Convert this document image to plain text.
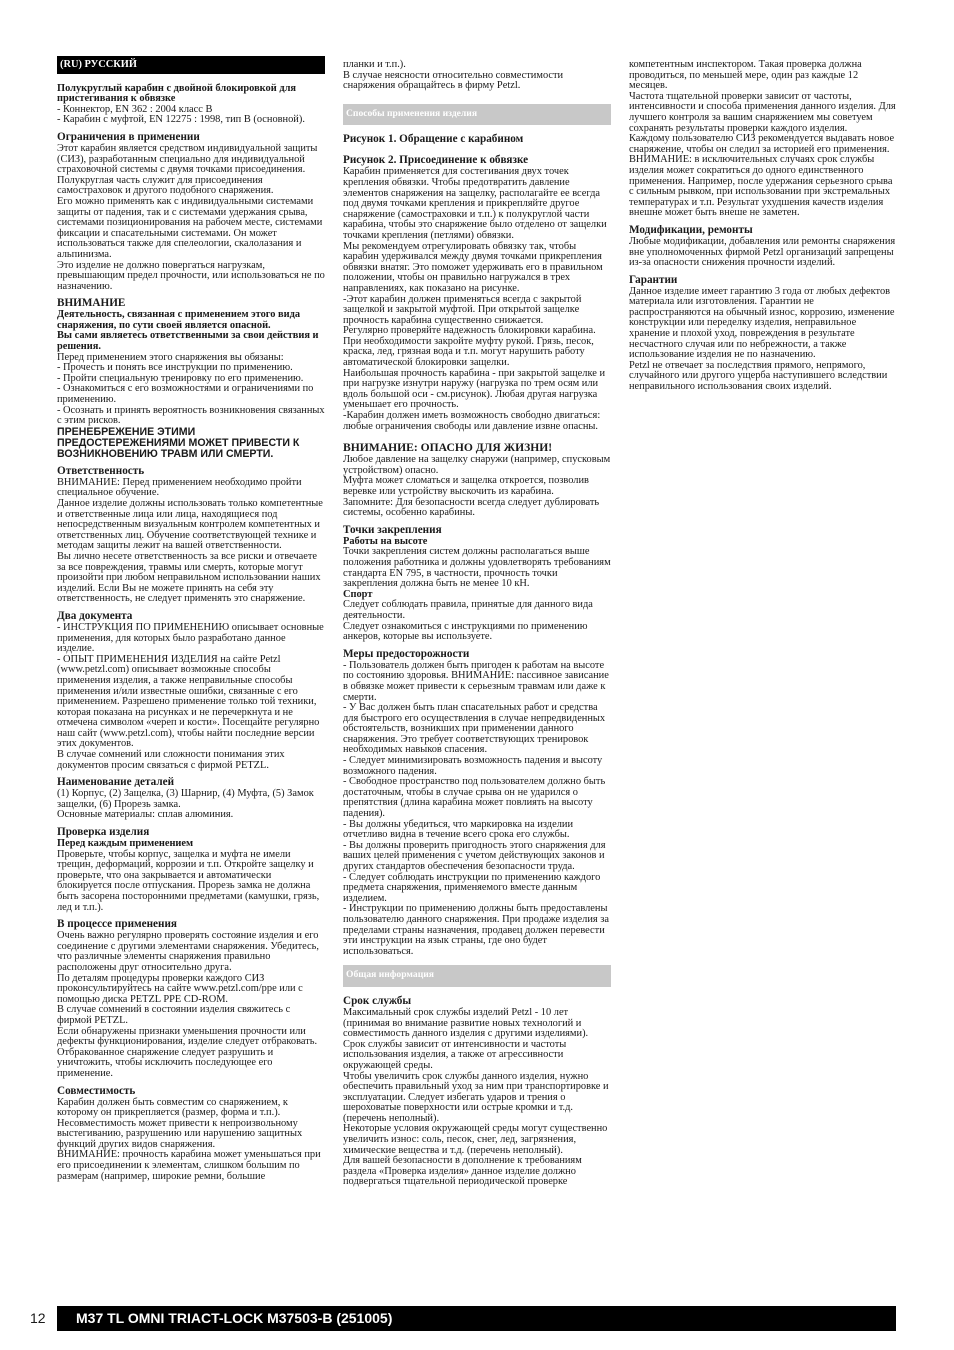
(RU) РУССКИЙ

Полукруглый карабин с двойной блокировкой для пристегивания к обвязке

- Коннектор, EN 362 : 2004 класс В
- Карабин с муфтой, EN 12275 : 1998, тип В (основной).

Ограничения в применении

Этот карабин является средством индивидуальной защиты (СИЗ), разработанным специально для индивидуальной страховочной системы с двумя точками присоединения. Полукруглая часть служит для присоединения самостраховок и другого подобного снаряжения.
Его можно применять как с индивидуальными системами защиты от падения, так и с системами удержания срыва, системами позиционирования на рабочем месте, системами фиксации и спасательными системами. Он может использоваться также для спелеологии, скалолазания и альпинизма.
Это изделие не должно повергаться нагрузкам, превышающим предел прочности, или использоваться не по назначению.

ВНИМАНИЕ

Деятельность, связанная с применением этого вида снаряжения, по сути своей является опасной.
Вы сами являетесь ответственными за свои действия и решения.

Перед применением этого снаряжения вы обязаны:
- Прочесть и понять все инструкции по применению.
- Пройти специальную тренировку по его применению.
- Ознакомиться с его возможностями и ограничениями по применению.
- Осознать и принять вероятность возникновения связанных с этим рисков.

ПРЕНЕБРЕЖЕНИЕ ЭТИМИ ПРЕДОСТЕРЕЖЕНИЯМИ МОЖЕТ ПРИВЕСТИ К ВОЗНИКНОВЕНИЮ ТРАВМ ИЛИ СМЕРТИ.

Ответственность

ВНИМАНИЕ: Перед применением необходимо пройти специальное обучение.
Данное изделие должны использовать только компетентные и ответственные лица или лица, находящиеся под непосредственным визуальным контролем компетентных и ответственных лиц. Обучение соответствующей технике и методам защиты лежит на вашей ответственности.
Вы лично несете ответственность за все риски и отвечаете за все повреждения, травмы или смерть, которые могут произойти при любом неправильном использовании наших изделий. Если Вы не можете принять на себя эту ответственность, не следует применять это снаряжение.

Два документа

- ИНСТРУКЦИЯ ПО ПРИМЕНЕНИЮ описывает основные применения, для которых было разработано данное изделие.
- ОПЫТ ПРИМЕНЕНИЯ ИЗДЕЛИЯ на сайте Petzl (www.petzl.com) описывает возможные способы применения изделия, а также неправильные способы применения и/или известные ошибки, связанные с его применением. Разрешено применение только той техники, которая показана на рисунках и не перечеркнута и не отмечена символом «череп и кости». Посещайте регулярно наш сайт (www.petzl.com), чтобы найти последние версии этих документов.
В случае сомнений или сложности понимания этих документов просим связаться с фирмой PETZL.

Наименование деталей

(1) Корпус, (2) Защелка, (3) Шарнир, (4) Муфта, (5) Замок защелки, (6) Прорезь замка.
Основные материалы: сплав алюминия.

Проверка изделия

Перед каждым применением

Проверьте, чтобы корпус, защелка и муфта не имели трещин, деформаций, коррозии и т.п. Откройте защелку и проверьте, что она закрывается и автоматически блокируется после отпускания. Прорезь замка не должна быть засорена посторонними предметами (камушки, грязь, лед и т.п.).

В процессе применения

Очень важно регулярно проверять состояние изделия и его соединение с другими элементами снаряжения. Убедитесь, что различные элементы снаряжения правильно расположены друг относительно друга.
По деталям процедуры проверки каждого СИЗ проконсультируйтесь на сайте www.petzl.com/ppe или с помощью диска PETZL PPE CD-ROM.
В случае сомнений в состоянии изделия свяжитесь с фирмой PETZL.
Если обнаружены признаки уменьшения прочности или дефекты функционирования, изделие следует отбраковать. Отбракованное снаряжение следует разрушить и уничтожить, чтобы исключить последующее его применение.

Совместимость

Карабин должен быть совместим со снаряжением, к которому он прикрепляется (размер, форма и т.п.). Несовместимость может привести к непроизвольному выстегиванию, разрушению или нарушению защитных функций других видов снаряжения.
ВНИМАНИЕ: прочность карабина может уменьшаться при его присоединении к элементам, слишком большим по размерам (например, широкие ремни, большие

планки и т.п.).
В случае неясности относительно совместимости снаряжения обращайтесь в фирму Petzl.

Способы применения изделия

Рисунок 1. Обращение с карабином

Рисунок 2. Присоединение к обвязке

Карабин применяется для состегивания двух точек крепления обвязки. Чтобы предотвратить давление элементов снаряжения на защелку, располагайте ее всегда под двумя точками крепления и прикрепляйте другое снаряжение (самостраховки и т.п.) к полукруглой части карабина, чтобы это снаряжение было отделено от защелки точками крепления (петлями) обвязки.
Мы рекомендуем отрегулировать обвязку так, чтобы карабин удерживался между двумя точками прикрепления обвязки внатяг. Это поможет удерживать его в правильном положении, чтобы он правильно нагружался в трех направлениях, как показано на рисунке.
-Этот карабин должен применяться всегда с закрытой защелкой и закрытой муфтой. При открытой защелке прочность карабина существенно снижается.
Регулярно проверяйте надежность блокировки карабина. При необходимости закройте муфту рукой. Грязь, песок, краска, лед, грязная вода и т.п. могут нарушить работу автоматической блокировки защелки.
Наибольшая прочность карабина - при закрытой защелке и при нагрузке изнутри наружу (нагрузка по трем осям или вдоль большой оси - см.рисунок). Любая другая нагрузка уменьшает его прочность.
-Карабин должен иметь возможность свободно двигаться: любые ограничения свободы или давление извне опасны.

ВНИМАНИЕ: ОПАСНО ДЛЯ ЖИЗНИ!

Любое давление на защелку снаружи (например, спусковым устройством) опасно.
Муфта может сломаться и защелка откроется, позволив веревке или устройству выскочить из карабина.
Запомните: Для безопасности всегда следует дублировать системы, особенно карабины.

Точки закрепления

Работы на высоте

Точки закрепления систем должны располагаться выше положения работника и должны удовлетворять требованиям стандарта EN 795, в частности, прочность точки закрепления должна быть не менее 10 кН.

Спорт

Следует соблюдать правила, принятые для данного вида деятельности.
Следует ознакомиться с инструкциями по применению анкеров, которые вы используете.

Меры предосторожности

- Пользователь должен быть пригоден к работам на высоте по состоянию здоровья. ВНИМАНИЕ: пассивное зависание в обвязке может привести к серьезным травмам или даже к смерти.
- У Вас должен быть план спасательных работ и средства для быстрого его осуществления в случае непредвиденных обстоятельств, возникших при применении данного снаряжения. Это требует соответствующих тренировок необходимых навыков спасения.
- Следует минимизировать возможность падения и высоту возможного падения.
- Свободное пространство под пользователем должно быть достаточным, чтобы в случае срыва он не ударился о препятствия (длина карабина может повлиять на высоту падения).
- Вы должны убедиться, что маркировка на изделии отчетливо видна в течение всего срока его службы.
- Вы должны проверить пригодность этого снаряжения для ваших целей применения с учетом действующих законов и других стандартов обеспечения безопасности труда.
- Следует соблюдать инструкции по применению каждого предмета снаряжения, применяемого вместе данным изделием.
- Инструкции по применению должны быть предоставлены пользователю данного снаряжения. При продаже изделия за пределами страны назначения, продавец должен перевести эти инструкции на язык страны, где оно будет использоваться.

Общая информация

Срок службы

Максимальный срок службы изделий Petzl - 10 лет (принимая во внимание развитие новых технологий и совместимость данного изделия с другими изделиями).
Срок службы зависит от интенсивности и частоты использования изделия, а также от агрессивности окружающей среды.
Чтобы увеличить срок службы данного изделия, нужно обеспечить правильный уход за ним при транспортировке и эксплуатации. Следует избегать ударов и трения о шероховатые поверхности или острые кромки и т.д. (перечень неполный).
Некоторые условия окружающей среды могут существенно увеличить износ: соль, песок, снег, лед, загрязнения, химические вещества и т.д. (перечень неполный).
Для вашей безопасности в дополнение к требованиям раздела «Проверка изделия» данное изделие должно подвергаться тщательной периодической проверке

компетентным инспектором. Такая проверка должна проводиться, по меньшей мере, один раз каждые 12 месяцев.
Частота тщательной проверки зависит от частоты, интенсивности и способа применения данного изделия. Для лучшего контроля за вашим снаряжением мы советуем сохранять результаты проверки каждого изделия.
Каждому пользователю СИЗ рекомендуется выдавать новое снаряжение, чтобы он следил за историей его применения.
ВНИМАНИЕ: в исключительных случаях срок службы изделия может сократиться до одного единственного применения. Например, после удержания серьезного срыва с сильным рывком, при использовании при экстремальных температурах и т.п. Результат ухудшения качеств изделия внешне может быть внеше не заметен.

Модификации, ремонты

Любые модификации, добавления или ремонты снаряжения вне уполномоченных фирмой Petzl организаций запрещены из-за опасности снижения прочности изделий.

Гарантии

Данное изделие имеет гарантию 3 года от любых дефектов материала или изготовления. Гарантии не распространяются на обычный износ, коррозию, изменение конструкции или переделку изделия, неправильное хранение и плохой уход, повреждения в результате несчастного случая или по небрежности, а также использование изделия не по назначению.
Petzl не отвечает за последствия прямого, непрямого, случайного или другого ущерба наступившего вследствии неправильного использования своих изделий.

12	M37 TL OMNI TRIACT-LOCK M37503-B (251005)
